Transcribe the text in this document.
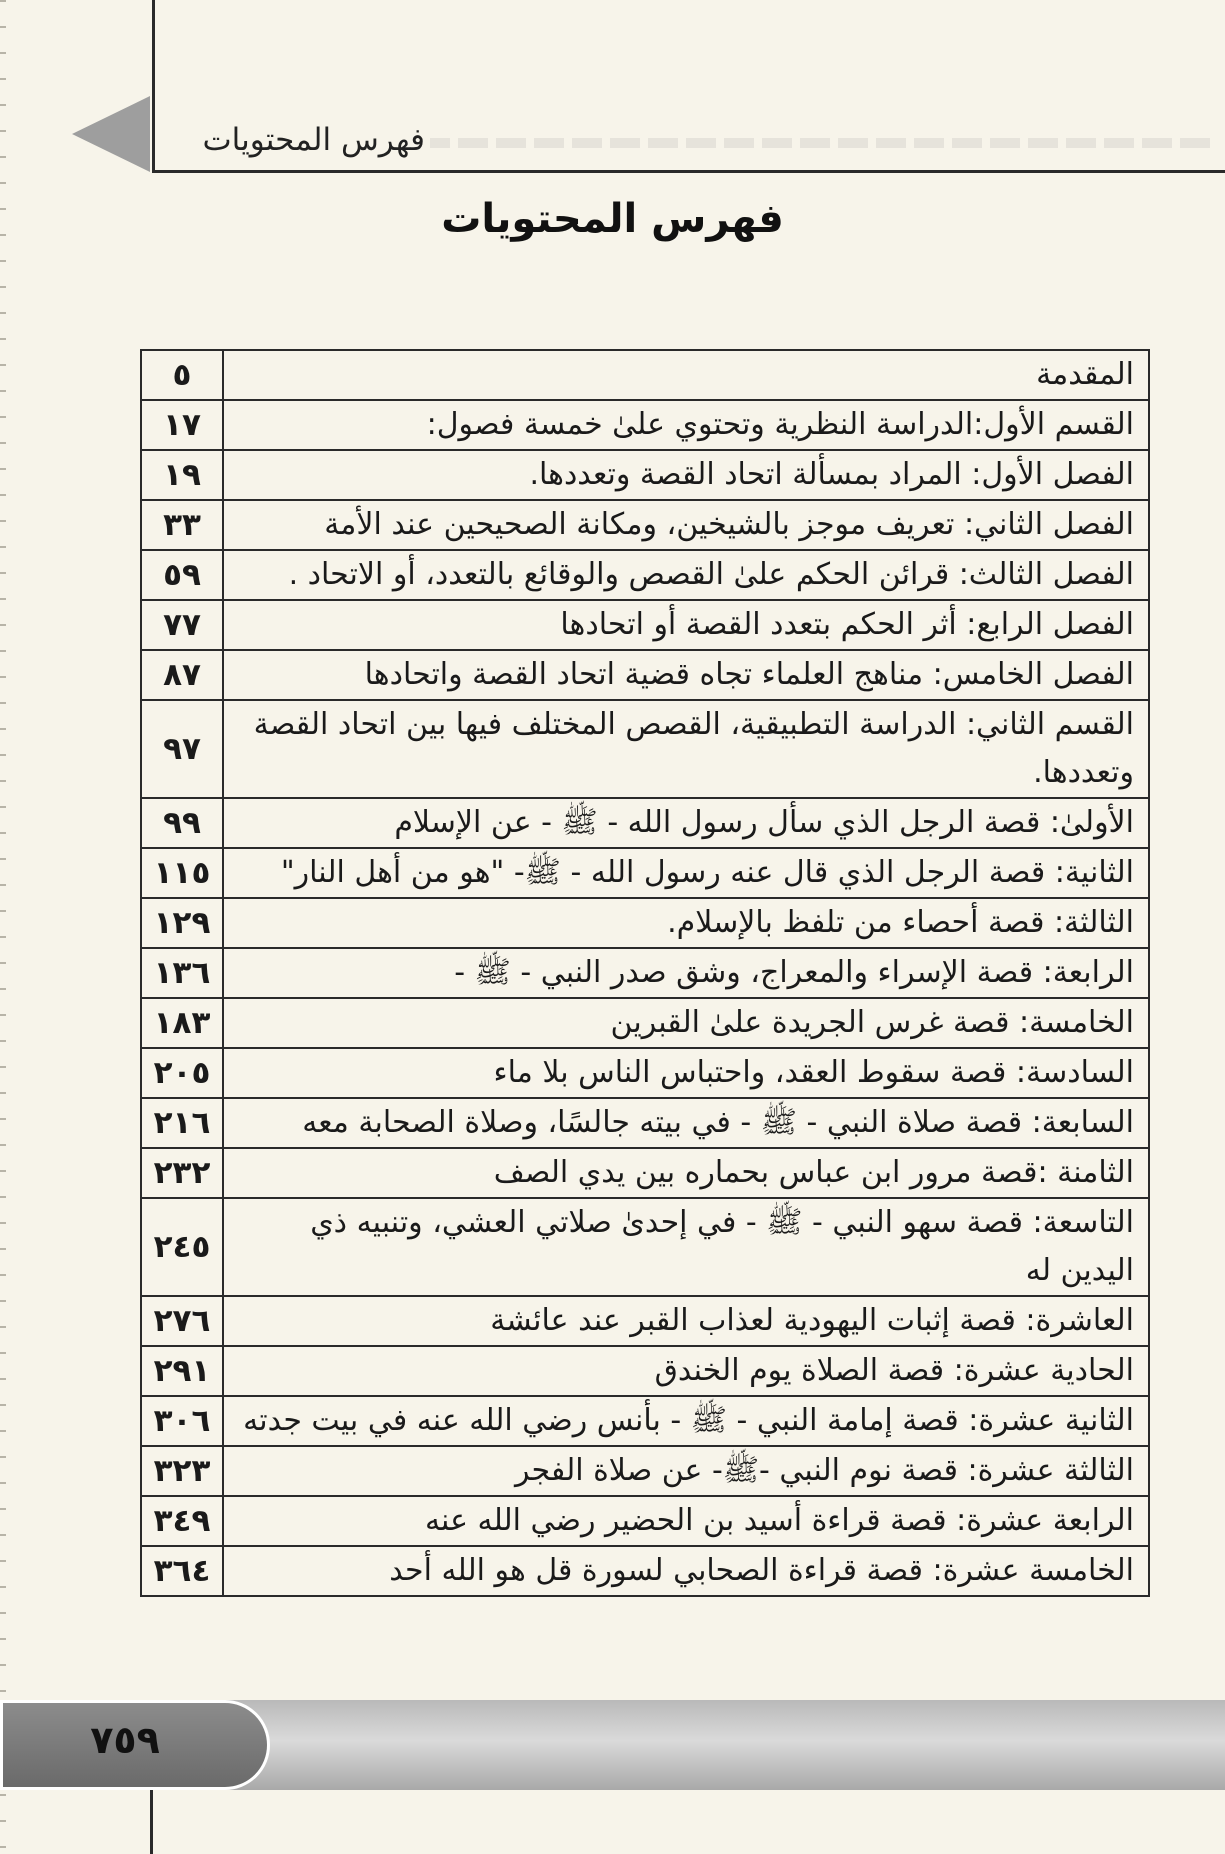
فهرس المحتويات
فهرس المحتويات
المقدمة	٥
القسم الأول:الدراسة النظرية وتحتوي علىٰ خمسة فصول:	١٧
الفصل الأول: المراد بمسألة اتحاد القصة وتعددها.	١٩
الفصل الثاني: تعريف موجز بالشيخين، ومكانة الصحيحين عند الأمة	٣٣
الفصل الثالث: قرائن الحكم علىٰ القصص والوقائع بالتعدد، أو الاتحاد .	٥٩
الفصل الرابع: أثر الحكم بتعدد القصة أو اتحادها	٧٧
الفصل الخامس: مناهج العلماء تجاه قضية اتحاد القصة واتحادها	٨٧
القسم الثاني: الدراسة التطبيقية، القصص المختلف فيها بين اتحاد القصة وتعددها.	٩٧
الأولىٰ: قصة الرجل الذي سأل رسول الله - ﷺ - عن الإسلام	٩٩
الثانية: قصة الرجل الذي قال عنه رسول الله - ﷺ- "هو من أهل النار"	١١٥
الثالثة: قصة أحصاء من تلفظ بالإسلام.	١٢٩
الرابعة: قصة الإسراء والمعراج، وشق صدر النبي - ﷺ -	١٣٦
الخامسة: قصة غرس الجريدة علىٰ القبرين	١٨٣
السادسة: قصة سقوط العقد، واحتباس الناس بلا ماء	٢٠٥
السابعة: قصة صلاة النبي - ﷺ - في بيته جالسًا، وصلاة الصحابة معه	٢١٦
الثامنة :قصة مرور ابن عباس بحماره بين يدي الصف	٢٣٢
التاسعة: قصة سهو النبي - ﷺ - في إحدىٰ صلاتي العشي، وتنبيه ذي اليدين له	٢٤٥
العاشرة: قصة إثبات اليهودية لعذاب القبر عند عائشة	٢٧٦
الحادية عشرة: قصة الصلاة يوم الخندق	٢٩١
الثانية عشرة: قصة إمامة النبي - ﷺ - بأنس رضي الله عنه في بيت جدته	٣٠٦
الثالثة عشرة: قصة نوم النبي -ﷺ- عن صلاة الفجر	٣٢٣
الرابعة عشرة: قصة قراءة أسيد بن الحضير رضي الله عنه	٣٤٩
الخامسة عشرة: قصة قراءة الصحابي لسورة قل هو الله أحد	٣٦٤
٧٥٩
